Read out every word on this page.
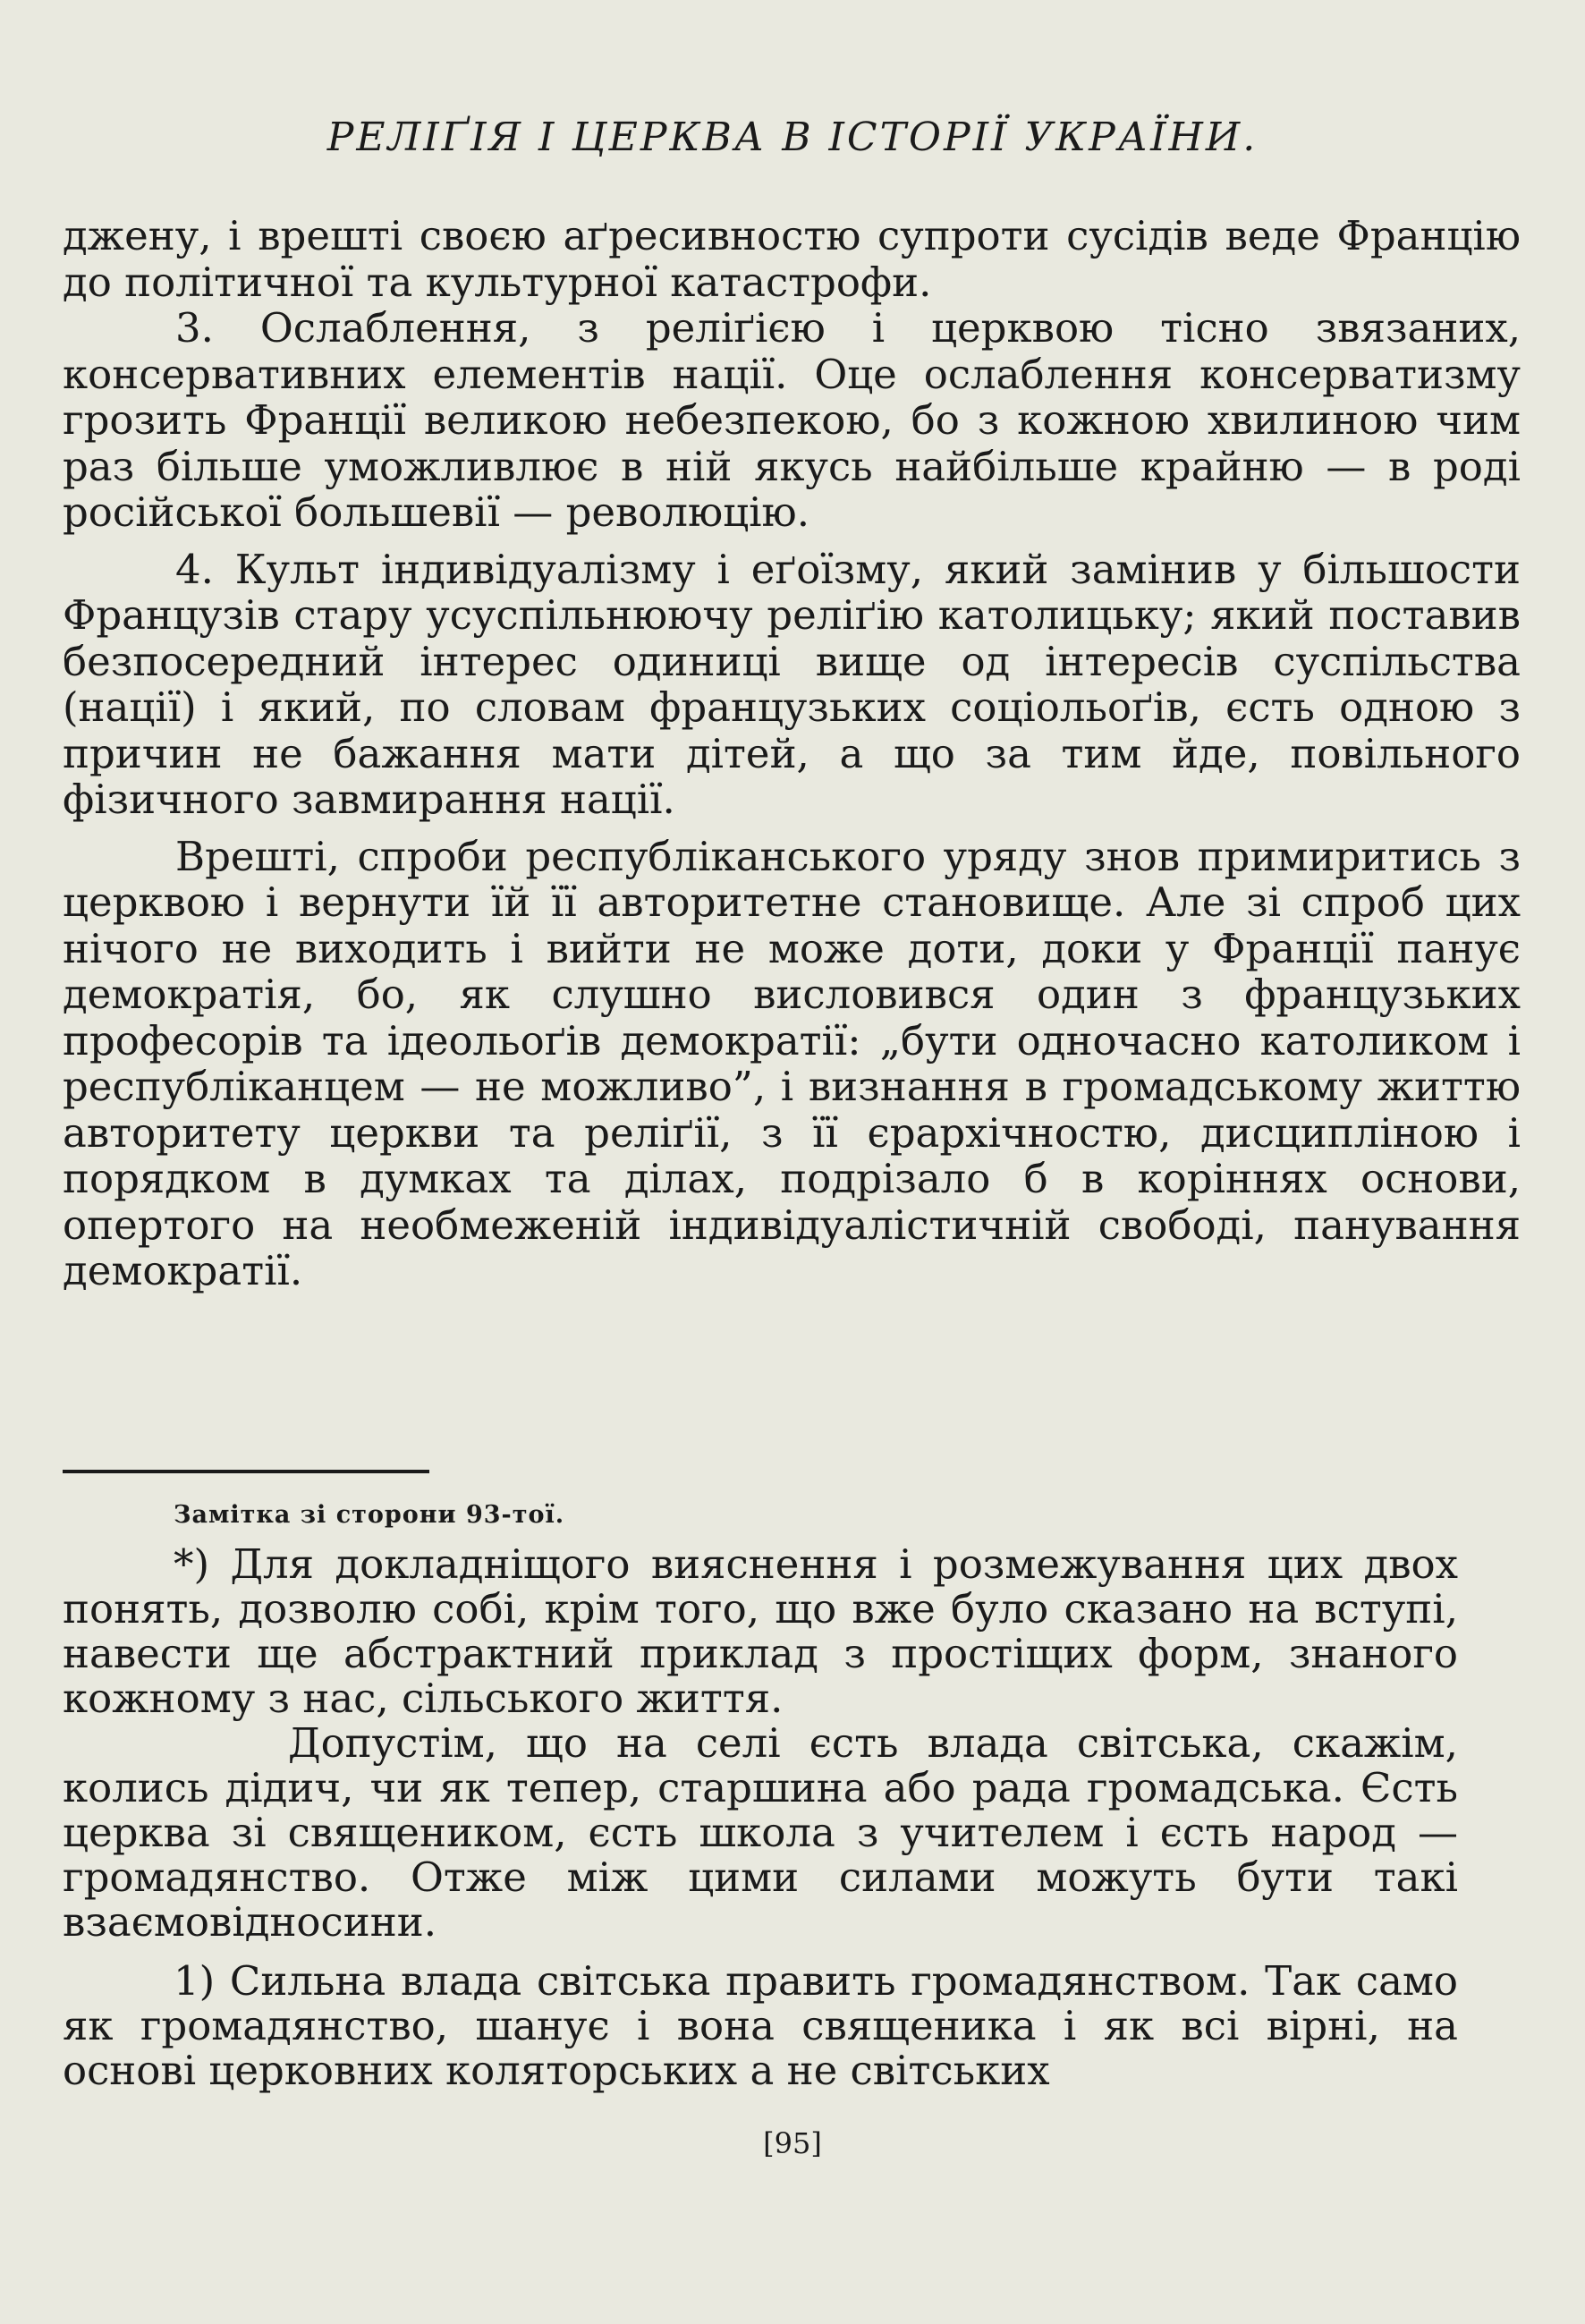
РЕЛІҐІЯ І ЦЕРКВА В ІСТОРІЇ УКРАЇНИ.

джену, і врешті своєю аґресивностю супроти сусідів веде Францію до політичної та культурної катастрофи.

3. Ослаблення, з реліґією і церквою тісно звязаних, консервативних елементів нації. Оце ослаблення консерватизму грозить Франції великою небезпекою, бо з кожною хвилиною чим раз більше уможливлює в ній якусь найбільше крайню — в роді російської большевії — революцію.

4. Культ індивідуалізму і еґоїзму, який замінив у більшости Французів стару усуспільнюючу реліґію католицьку; який поставив безпосередний інтерес одиниці вище од інтересів суспільства (нації) і який, по словам французьких соціольоґів, єсть одною з причин не бажання мати дітей, а що за тим йде, повільного фізичного завмирання нації.

Врешті, спроби республіканського уряду знов примиритись з церквою і вернути їй її авторитетне становище. Але зі спроб цих нічого не виходить і вийти не може доти, доки у Франції панує демократія, бо, як слушно висловився один з французьких професорів та ідеольоґів демократії: „бути одночасно католиком і республіканцем — не можливо”, і визнання в громадському життю авторитету церкви та реліґії, з її єрархічностю, дисципліною і порядком в думках та ділах, подрізало б в коріннях основи, опертого на необмеженій індивідуалістичній свободі, панування демократії.

Замітка зі сторони 93-тої.

*) Для докладніщого вияснення і розмежування цих двох понять, дозволю собі, крім того, що вже було сказано на вступі, навести ще абстрактний приклад з простіщих форм, знаного кожному з нас, сільського життя.

Допустім, що на селі єсть влада світська, скажім, колись дідич, чи як тепер, старшина або рада громадська. Єсть церква зі священиком, єсть школа з учителем і єсть народ — громадянство. Отже між цими силами можуть бути такі взаємовідносини.

1) Сильна влада світська править громадянством. Так само як громадянство, шанує і вона священика і як всі вірні, на основі церковних коляторських а не світських

[95]
